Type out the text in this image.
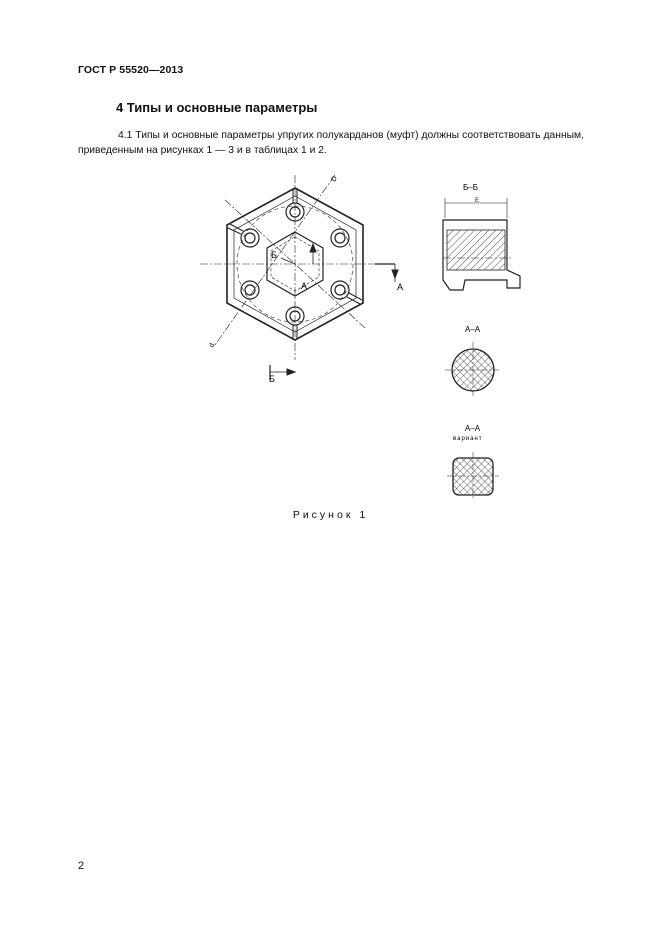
ГОСТ Р 55520—2013
4 Типы и основные параметры
4.1 Типы и основные параметры упругих полукарданов (муфт) должны соответствовать данным, приведенным на рисунках 1 — 3 и в таблицах 1 и 2.
А
А
Б
Б
D
d
Б–Б
E
А–А
А–А
вариант
Рисунок 1
2
